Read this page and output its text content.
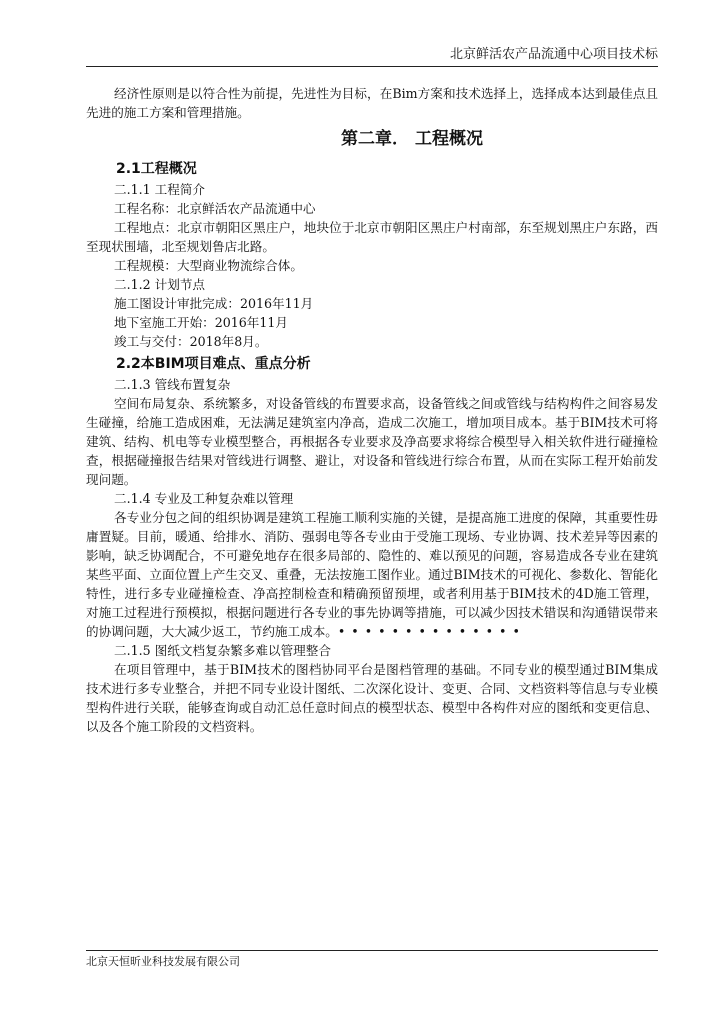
北京鲜活农产品流通中心项目技术标

经济性原则是以符合性为前提，先进性为目标，在Bim方案和技术选择上，选择成本达到最佳点且先进的施工方案和管理措施。

第二章． 工程概况

2.1工程概况
二.1.1 工程简介

工程名称：北京鲜活农产品流通中心

工程地点：北京市朝阳区黑庄户，地块位于北京市朝阳区黑庄户村南部，东至规划黑庄户东路，西至现状围墙，北至规划鲁店北路。

工程规模：大型商业物流综合体。

二.1.2 计划节点

施工图设计审批完成：2016年11月

地下室施工开始：2016年11月

竣工与交付：2018年8月。

2.2本BIM项目难点、重点分析
二.1.3 管线布置复杂

空间布局复杂、系统繁多，对设备管线的布置要求高，设备管线之间或管线与结构构件之间容易发生碰撞，给施工造成困难，无法满足建筑室内净高，造成二次施工，增加项目成本。基于BIM技术可将建筑、结构、机电等专业模型整合，再根据各专业要求及净高要求将综合模型导入相关软件进行碰撞检查，根据碰撞报告结果对管线进行调整、避让，对设备和管线进行综合布置，从而在实际工程开始前发现问题。

二.1.4 专业及工种复杂难以管理

各专业分包之间的组织协调是建筑工程施工顺利实施的关键，是提高施工进度的保障，其重要性毋庸置疑。目前，暖通、给排水、消防、强弱电等各专业由于受施工现场、专业协调、技术差异等因素的影响，缺乏协调配合，不可避免地存在很多局部的、隐性的、难以预见的问题，容易造成各专业在建筑某些平面、立面位置上产生交叉、重叠，无法按施工图作业。通过BIM技术的可视化、参数化、智能化特性，进行多专业碰撞检查、净高控制检查和精确预留预埋，或者利用基于BIM技术的4D施工管理，对施工过程进行预模拟，根据问题进行各专业的事先协调等措施，可以减少因技术错误和沟通错误带来的协调问题，大大减少返工，节约施工成本。• • • • • • • • • • • • • •

二.1.5 图纸文档复杂繁多难以管理整合

在项目管理中，基于BIM技术的图档协同平台是图档管理的基础。不同专业的模型通过BIM集成技术进行多专业整合，并把不同专业设计图纸、二次深化设计、变更、合同、文档资料等信息与专业模型构件进行关联，能够查询或自动汇总任意时间点的模型状态、模型中各构件对应的图纸和变更信息、以及各个施工阶段的文档资料。

北京天恒昕业科技发展有限公司
